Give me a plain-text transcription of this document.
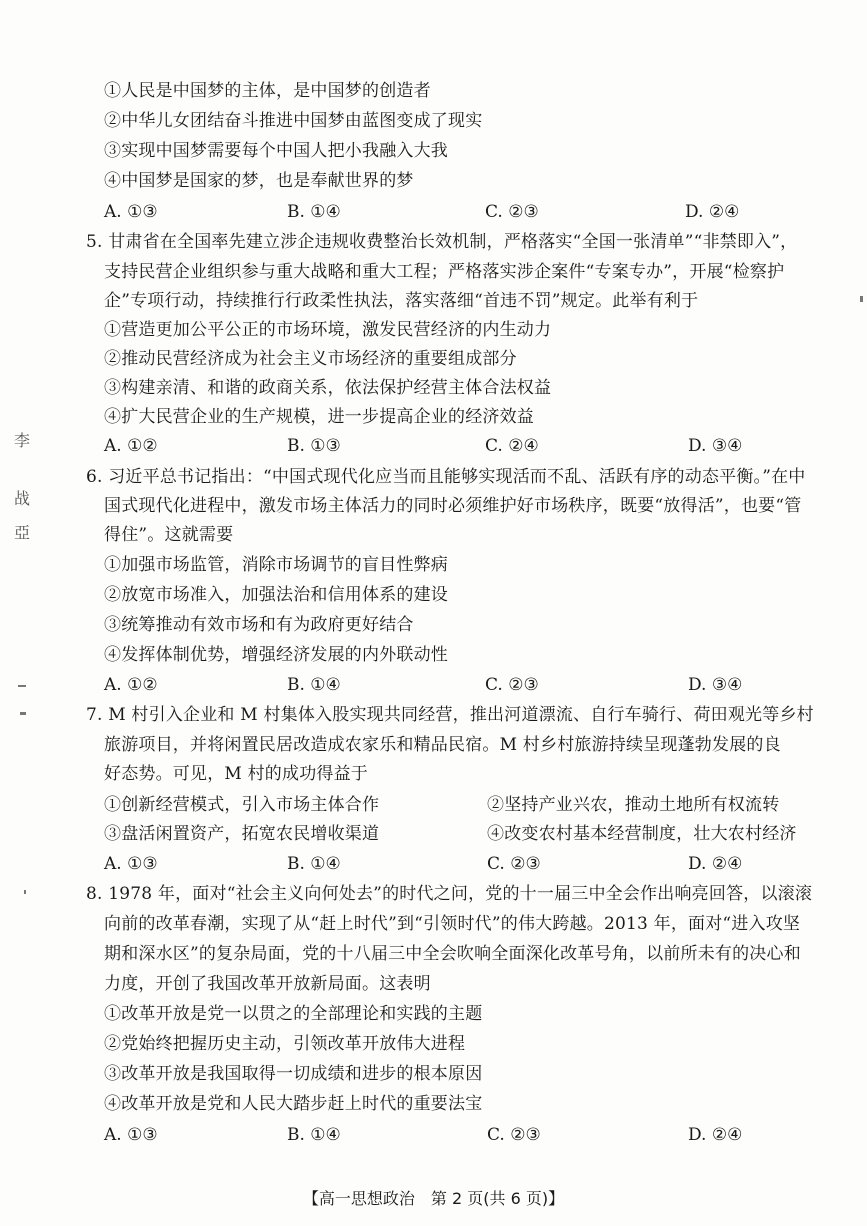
①人民是中国梦的主体，是中国梦的创造者
②中华儿女团结奋斗推进中国梦由蓝图变成了现实
③实现中国梦需要每个中国人把小我融入大我
④中国梦是国家的梦，也是奉献世界的梦
A. ①③	B. ①④	C. ②③	D. ②④
5. 甘肃省在全国率先建立涉企违规收费整治长效机制，严格落实“全国一张清单”“非禁即入”，
支持民营企业组织参与重大战略和重大工程；严格落实涉企案件“专案专办”，开展“检察护
企”专项行动，持续推行行政柔性执法，落实落细“首违不罚”规定。此举有利于
①营造更加公平公正的市场环境，激发民营经济的内生动力
②推动民营经济成为社会主义市场经济的重要组成部分
③构建亲清、和谐的政商关系，依法保护经营主体合法权益
④扩大民营企业的生产规模，进一步提高企业的经济效益
A. ①②	B. ①③	C. ②④	D. ③④
6. 习近平总书记指出：“中国式现代化应当而且能够实现活而不乱、活跃有序的动态平衡。”在中
国式现代化进程中，激发市场主体活力的同时必须维护好市场秩序，既要“放得活”，也要“管
得住”。这就需要
①加强市场监管，消除市场调节的盲目性弊病
②放宽市场准入，加强法治和信用体系的建设
③统筹推动有效市场和有为政府更好结合
④发挥体制优势，增强经济发展的内外联动性
A. ①②	B. ①④	C. ②③	D. ③④
7. M 村引入企业和 M 村集体入股实现共同经营，推出河道漂流、自行车骑行、荷田观光等乡村
旅游项目，并将闲置民居改造成农家乐和精品民宿。M 村乡村旅游持续呈现蓬勃发展的良
好态势。可见，M 村的成功得益于
①创新经营模式，引入市场主体合作	②坚持产业兴农，推动土地所有权流转
③盘活闲置资产，拓宽农民增收渠道	④改变农村基本经营制度，壮大农村经济
A. ①③	B. ①④	C. ②③	D. ②④
8. 1978 年，面对“社会主义向何处去”的时代之问，党的十一届三中全会作出响亮回答，以滚滚
向前的改革春潮，实现了从“赶上时代”到“引领时代”的伟大跨越。2013 年，面对“进入攻坚
期和深水区”的复杂局面，党的十八届三中全会吹响全面深化改革号角，以前所未有的决心和
力度，开创了我国改革开放新局面。这表明
①改革开放是党一以贯之的全部理论和实践的主题
②党始终把握历史主动，引领改革开放伟大进程
③改革开放是我国取得一切成绩和进步的根本原因
④改革开放是党和人民大踏步赶上时代的重要法宝
A. ①③	B. ①④	C. ②③	D. ②④
李
战
亞
【高一思想政治　第 2 页(共 6 页)】
